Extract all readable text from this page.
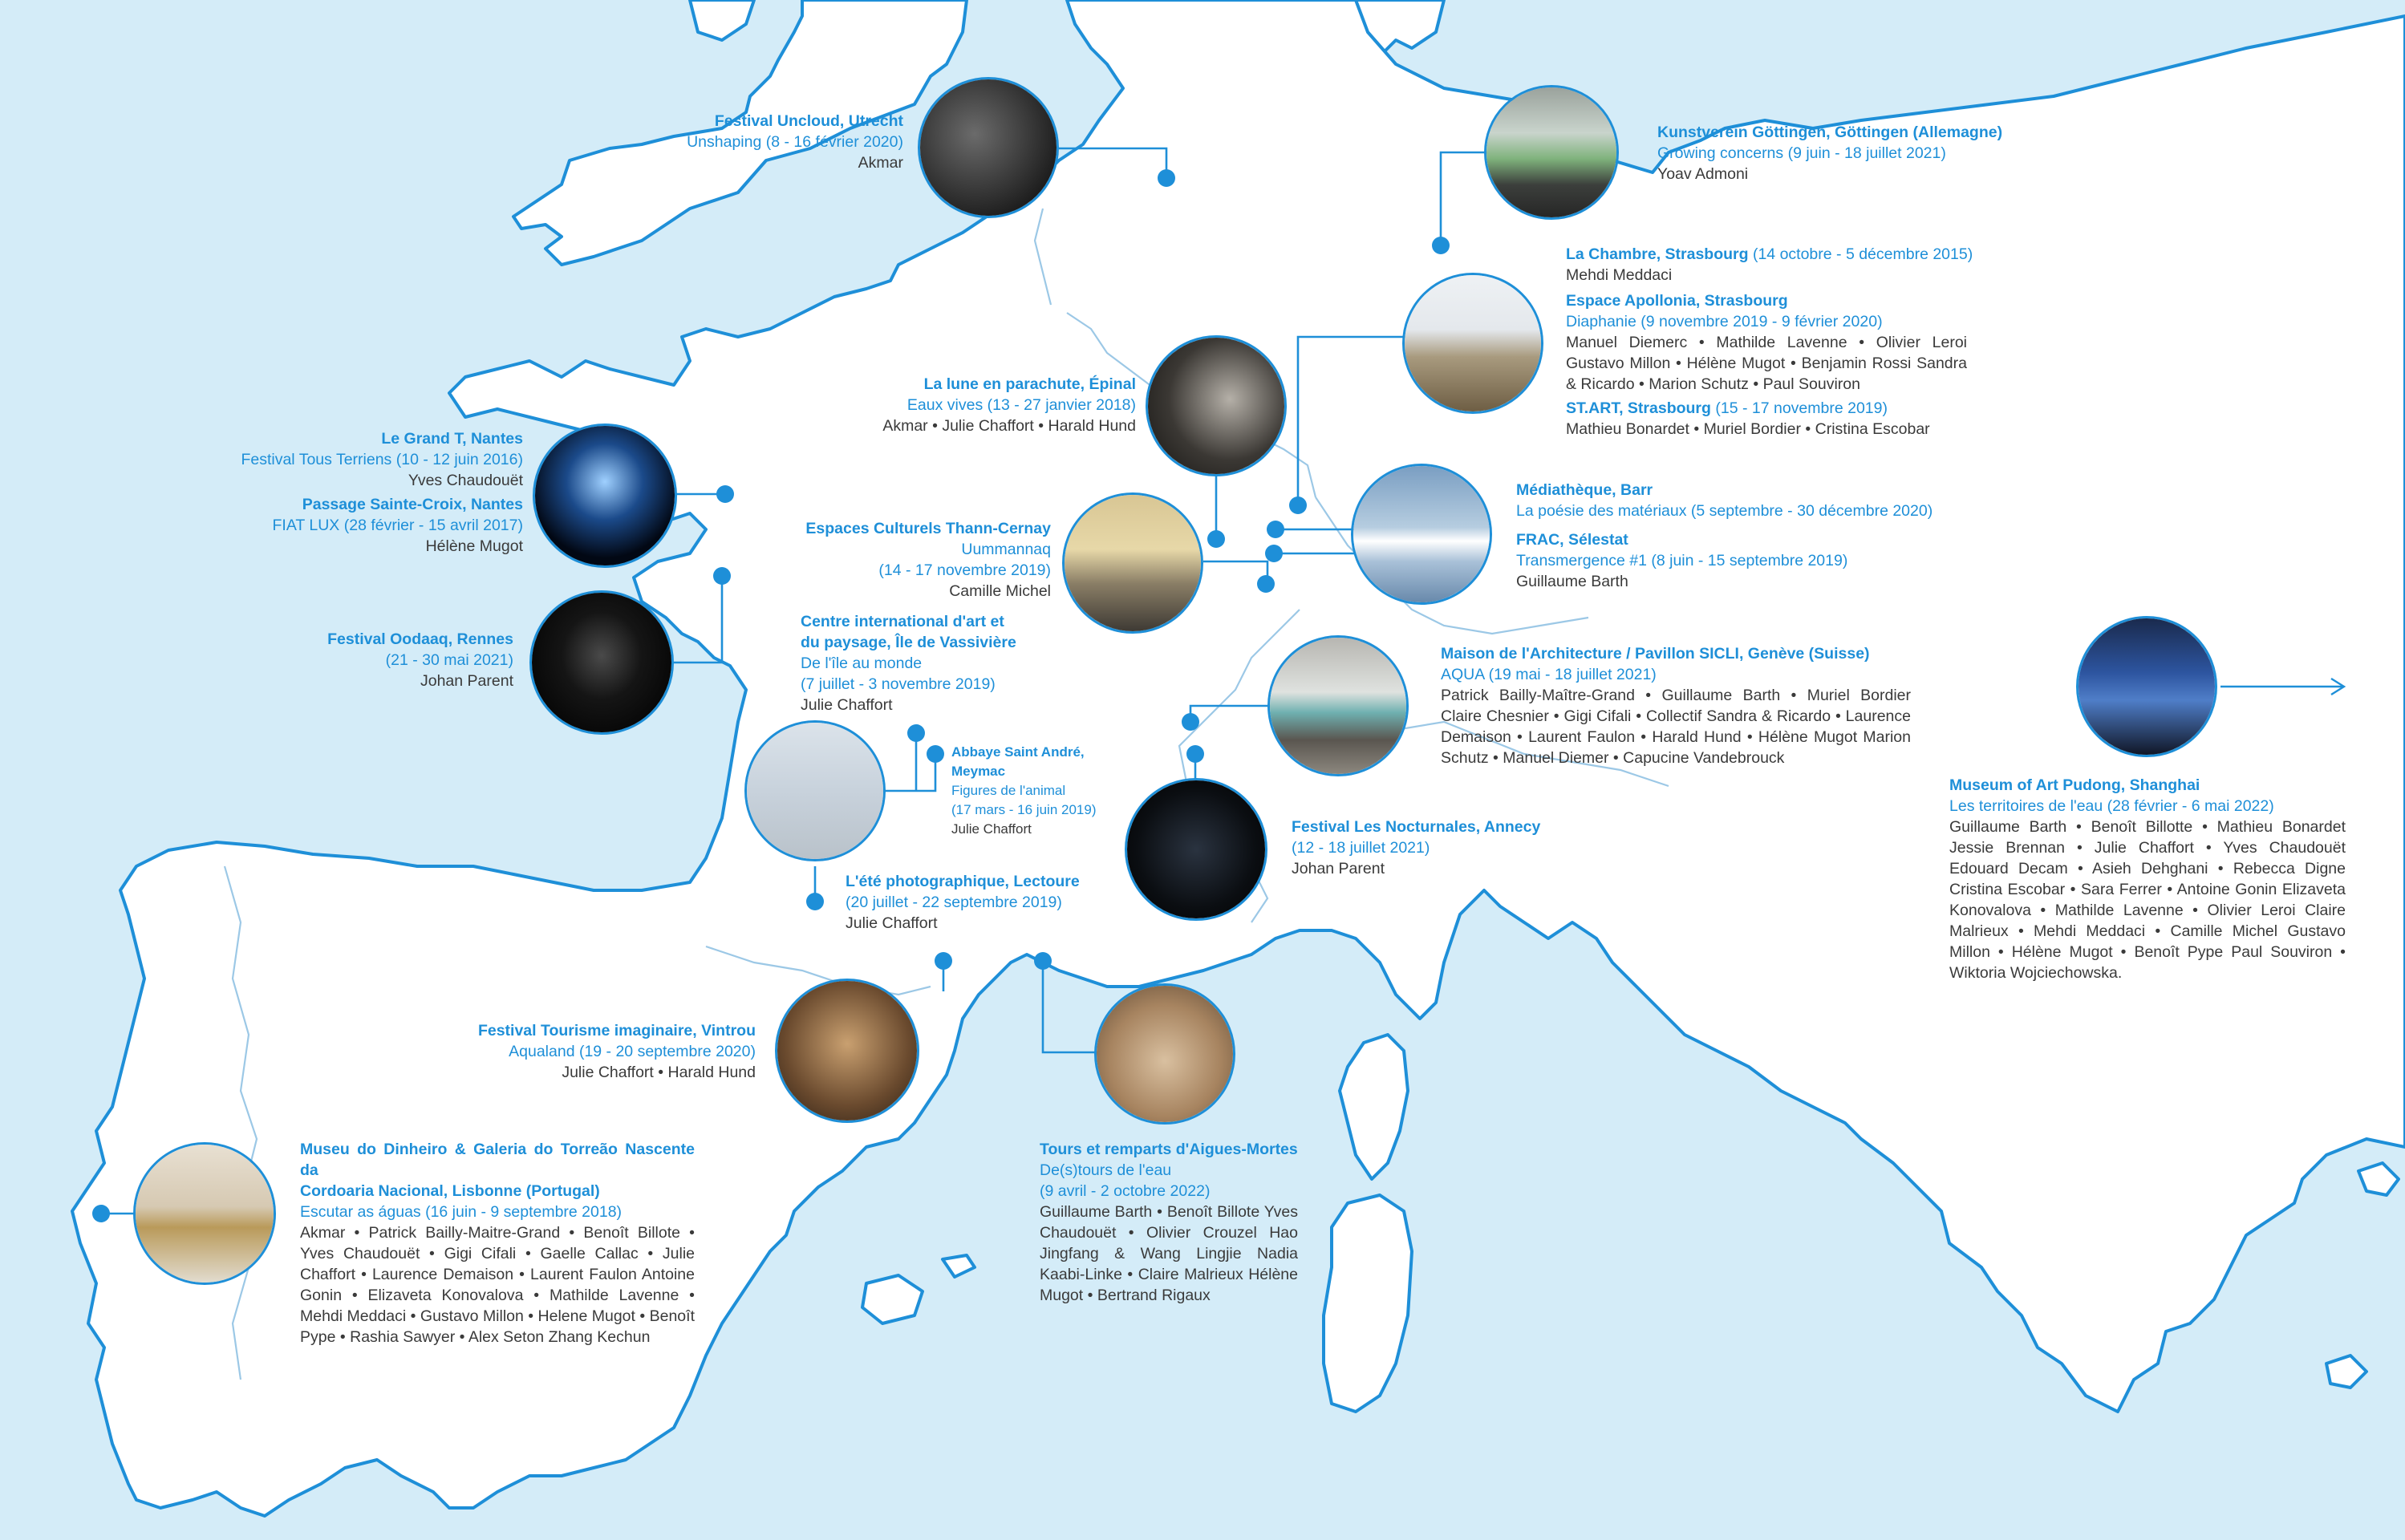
Festival Uncloud, Utrecht
Unshaping (8 - 16 février 2020)
Akmar
Kunstverein Göttingen, Göttingen (Allemagne)
Growing concerns (9 juin - 18 juillet 2021)
Yoav Admoni
La Chambre, Strasbourg (14 octobre - 5 décembre 2015)
Mehdi Meddaci
Espace Apollonia, Strasbourg
Diaphanie (9 novembre 2019 - 9 février 2020)
Manuel Diemerc • Mathilde Lavenne • Olivier Leroi Gustavo Millon • Hélène Mugot • Benjamin Rossi Sandra & Ricardo • Marion Schutz • Paul Souviron
ST.ART, Strasbourg (15 - 17 novembre 2019)
Mathieu Bonardet • Muriel Bordier • Cristina Escobar
La lune en parachute, Épinal
Eaux vives (13 - 27 janvier 2018)
Akmar • Julie Chaffort • Harald Hund
Le Grand T, Nantes
Festival Tous Terriens (10 - 12 juin 2016)
Yves Chaudouët
Passage Sainte-Croix, Nantes
FIAT LUX (28 février - 15 avril 2017)
Hélène Mugot
Médiathèque, Barr
La poésie des matériaux (5 septembre - 30 décembre 2020)
FRAC, Sélestat
Transmergence #1 (8 juin - 15 septembre 2019)
Guillaume Barth
Espaces Culturels Thann-Cernay
Uummannaq
(14 - 17 novembre 2019)
Camille Michel
Centre international d'art et
du paysage, Île de Vassivière
De l'île au monde
(7 juillet - 3 novembre 2019)
Julie Chaffort
Festival Oodaaq, Rennes
(21 - 30 mai 2021)
Johan Parent
Maison de l'Architecture / Pavillon SICLI, Genève (Suisse)
AQUA (19 mai - 18 juillet 2021)
Patrick Bailly-Maître-Grand • Guillaume Barth • Muriel Bordier Claire Chesnier • Gigi Cifali • Collectif Sandra & Ricardo • Laurence Demaison • Laurent Faulon • Harald Hund • Hélène Mugot Marion Schutz • Manuel Diemer • Capucine Vandebrouck
Abbaye Saint André,
Meymac
Figures de l'animal
(17 mars - 16 juin 2019)
Julie Chaffort	Festival Les Nocturnales, Annecy
(12 - 18 juillet 2021)
Johan Parent
L'été photographique, Lectoure
(20 juillet - 22 septembre 2019)
Julie Chaffort
Museum of Art Pudong, Shanghai
Les territoires de l'eau (28 février - 6 mai 2022)
Guillaume Barth • Benoît Billotte • Mathieu Bonardet Jessie Brennan • Julie Chaffort • Yves Chaudouët Edouard Decam • Asieh Dehghani • Rebecca Digne Cristina Escobar • Sara Ferrer • Antoine Gonin Elizaveta Konovalova • Mathilde Lavenne • Olivier Leroi Claire Malrieux • Mehdi Meddaci • Camille Michel Gustavo Millon • Hélène Mugot • Benoît Pype Paul Souviron • Wiktoria Wojciechowska.
Festival Tourisme imaginaire, Vintrou
Aqualand (19 - 20 septembre 2020)
Julie Chaffort • Harald Hund
Tours et remparts d'Aigues-Mortes
De(s)tours de l'eau
(9 avril - 2 octobre 2022)
Guillaume Barth • Benoît Billote Yves Chaudouët • Olivier Crouzel Hao Jingfang & Wang Lingjie Nadia Kaabi-Linke • Claire Malrieux Hélène Mugot • Bertrand Rigaux
Museu do Dinheiro & Galeria do Torreão Nascente da
Cordoaria Nacional, Lisbonne (Portugal)
Escutar as águas (16 juin - 9 septembre 2018)
Akmar • Patrick Bailly-Maitre-Grand • Benoît Billote • Yves Chaudouët • Gigi Cifali • Gaelle Callac • Julie Chaffort • Laurence Demaison • Laurent Faulon Antoine Gonin • Elizaveta Konovalova • Mathilde Lavenne • Mehdi Meddaci • Gustavo Millon • Helene Mugot • Benoît Pype • Rashia Sawyer • Alex Seton Zhang Kechun
